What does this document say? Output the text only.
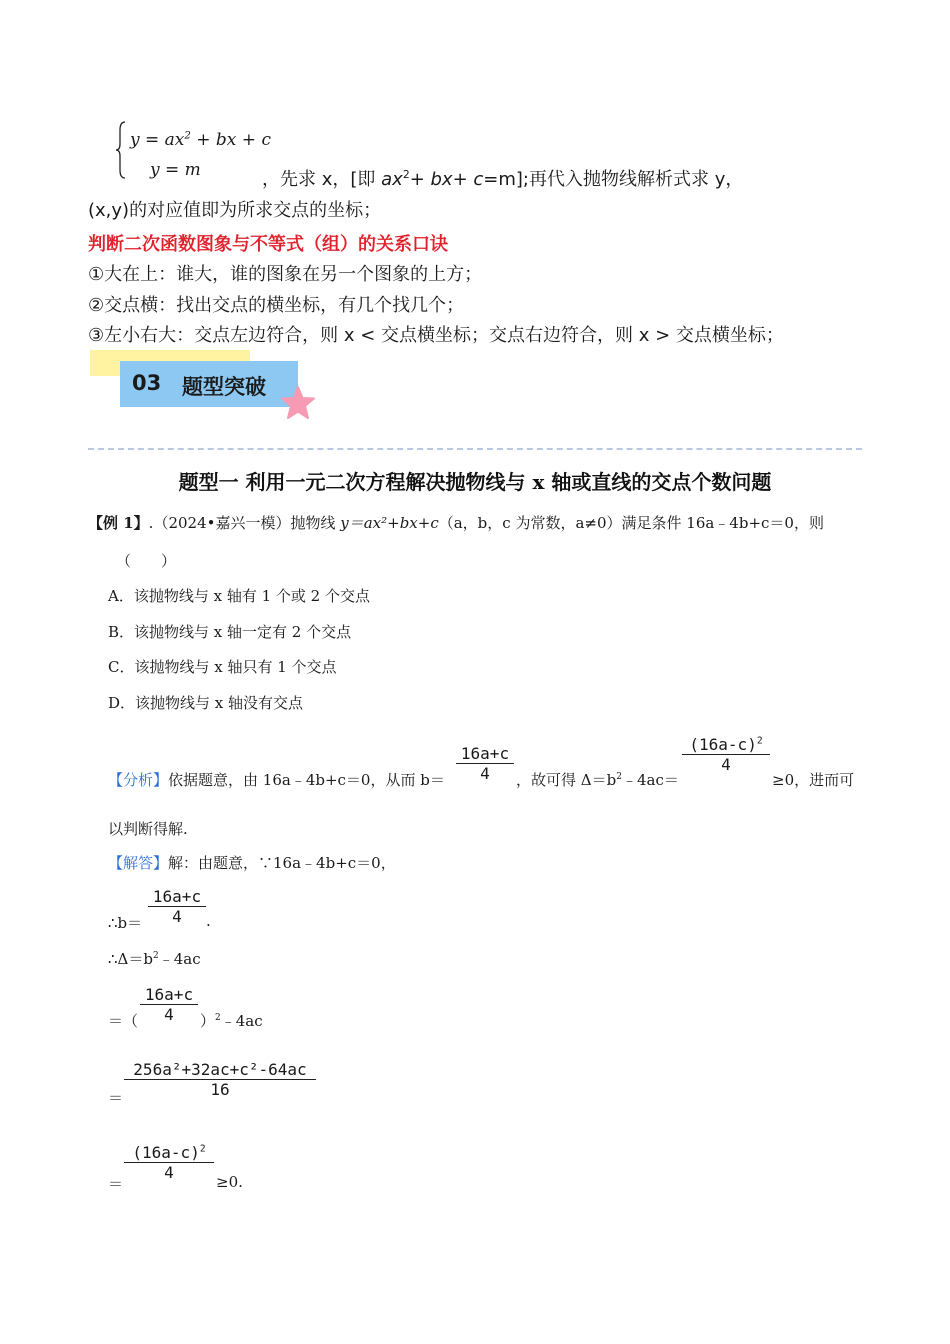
$y = ax^2$ + bx + c
y = m	，先求 x，[即 $ax^2+ bx+ c=m$];再代入抛物线解析式求 y，
(x,y)的对应值即为所求交点的坐标；
判断二次函数图象与不等式（组）的关系口诀
①大在上：谁大，谁的图象在另一个图象的上方；
②交点横：找出交点的横坐标，有几个找几个；
③左小右大：交点左边符合，则 x < 交点横坐标；交点右边符合，则 x > 交点横坐标；
03 题型突破
题型一 利用一元二次方程解决抛物线与 x 轴或直线的交点个数问题
【例 1】.（2024•嘉兴一模）抛物线 y＝ax²+bx+c（a，b，c 为常数，a≠0）满足条件 16a﹣4b+c＝0，则
（　　）
A．该抛物线与 x 轴有 1 个或 2 个交点
B．该抛物线与 x 轴一定有 2 个交点
C．该抛物线与 x 轴只有 1 个交点
D．该抛物线与 x 轴没有交点
【分析】依据题意，由 16a﹣4b+c＝0，从而 b＝
16a+c
4	，故可得 $\Delta=b^2﹣4ac=$
$(16a-c)^2$
4
≥0，进而可
以判断得解.
【解答】解：由题意，∵16a﹣4b+c＝0，
∴b＝
16a+c
4	.
$\therefore\Delta=b^2﹣4ac$
＝（
16a+c
4	）$^2$﹣4ac
＝
256a²+32ac+c²-64ac
16
＝
$(16a-c)^2$
4	≥0.
